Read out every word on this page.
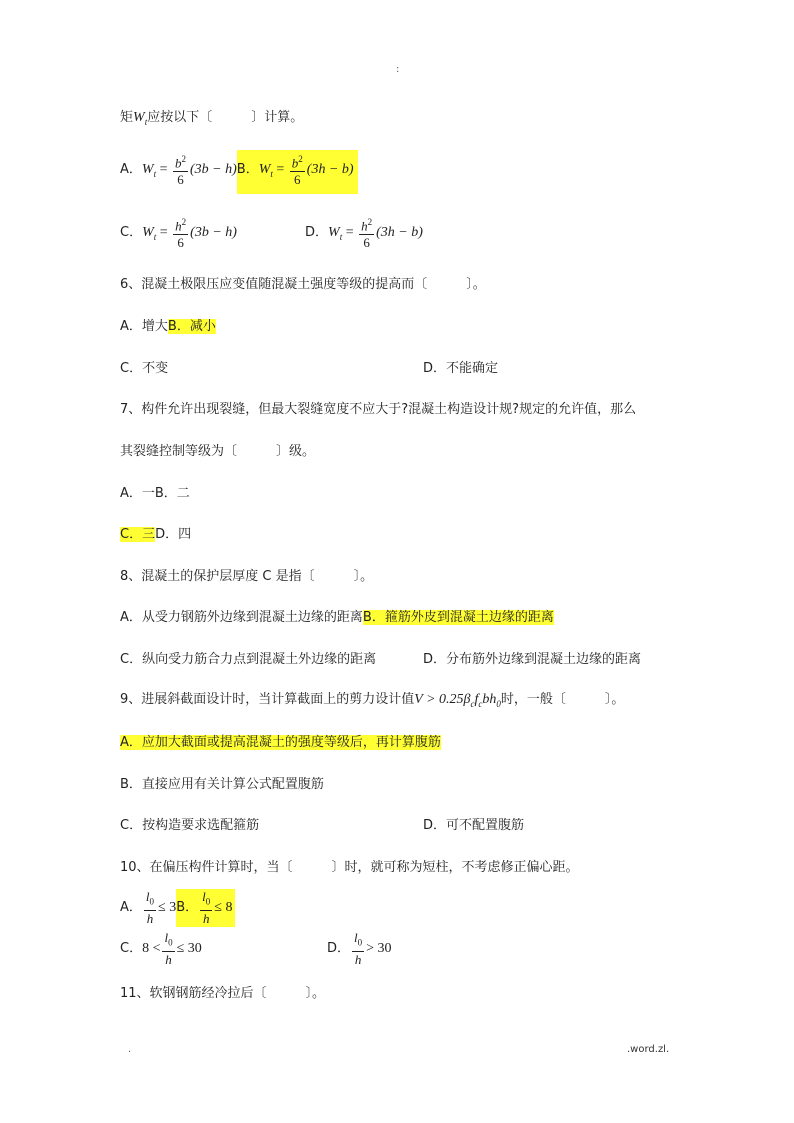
:
矩$W_t$应按以下〔　　　〕计算。
A．$W_t = \frac{b^2}{6} (3b - h)B$．$W_t = \frac{b^2}{6} (3h - b)$
C．$W_t = \frac{h^2}{6} (3b - h)$	D．$W_t = \frac{h^2}{6} (3h - b)$
6、混凝土极限压应变值随混凝土强度等级的提高而〔　　　〕。
A．增大B．减小
C．不变	D．不能确定
7、构件允许出现裂缝，但最大裂缝宽度不应大于?混凝土构造设计规?规定的允许值，那么
其裂缝控制等级为〔　　　〕级。
A．一B．二
C．三D．四
8、混凝土的保护层厚度 C 是指〔　　　〕。
A．从受力钢筋外边缘到混凝土边缘的距离B．箍筋外皮到混凝土边缘的距离
C．纵向受力筋合力点到混凝土外边缘的距离	D．分布筋外边缘到混凝土边缘的距离
9、进展斜截面设计时，当计算截面上的剪力设计值$V > 0.25\beta_cf_cbh_0$时，一般〔　　　〕。
A．应加大截面或提高混凝土的强度等级后，再计算腹筋
B．直接应用有关计算公式配置腹筋
C．按构造要求选配箍筋	D．可不配置腹筋
10、在偏压构件计算时，当〔　　　〕时，就可称为短柱，不考虑修正偏心距。
A． $\frac{l_0}{h} \le 3B$． $\frac{l_0}{h} \le 8$
C．$8 < \frac{l_0}{h} \le 30$	D． $\frac{l_0}{h} > 30$
11、软钢钢筋经冷拉后〔　　　〕。
.	.word.zl.
